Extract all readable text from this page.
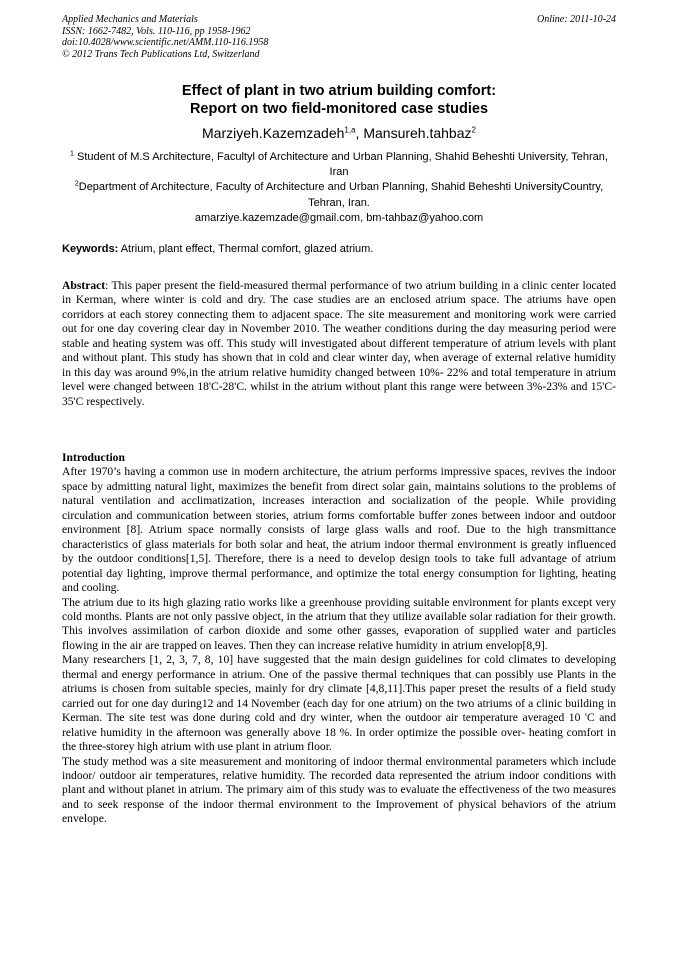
Applied Mechanics and Materials
ISSN: 1662-7482, Vols. 110-116, pp 1958-1962
doi:10.4028/www.scientific.net/AMM.110-116.1958
© 2012 Trans Tech Publications Ltd, Switzerland
Online: 2011-10-24
Effect of plant in two atrium building comfort:
Report on two field-monitored case studies
Marziyeh.Kazemzadeh$^{1,a}$, Mansureh.tahbaz$^2$
$^1$ Student of M.S Architecture, Facultyl of Architecture and Urban Planning, Shahid Beheshti University, Tehran, Iran
$^2$Department of Architecture, Faculty of Architecture and Urban Planning, Shahid Beheshti UniversityCountry, Tehran, Iran.
amarziye.kazemzade@gmail.com, bm-tahbaz@yahoo.com
Keywords: Atrium, plant effect, Thermal comfort, glazed atrium.

Abstract: This paper present the field-measured thermal performance of two atrium building in a clinic center located in Kerman, where winter is cold and dry. The case studies are an enclosed atrium space. The atriums have open corridors at each storey connecting them to adjacent space. The site measurement and monitoring work were carried out for one day covering clear day in November 2010. The weather conditions during the day measuring period were stable and heating system was off. This study will investigated about different temperature of atrium levels with plant and without plant. This study has shown that in cold and clear winter day, when average of external relative humidity in this day was around 9%,in the atrium relative humidity changed between 10%- 22% and total temperature in atrium level were changed between 18'C-28'C. whilst in the atrium without plant this range were between 3%-23% and 15'C-35'C respectively.

Introduction

After 1970’s having a common use in modern architecture, the atrium performs impressive spaces, revives the indoor space by admitting natural light, maximizes the benefit from direct solar gain, maintains solutions to the problems of natural ventilation and acclimatization, increases interaction and socialization of the people. While providing circulation and communication between stories, atrium forms comfortable buffer zones between indoor and outdoor environment [8]. Atrium space normally consists of large glass walls and roof. Due to the high transmittance characteristics of glass materials for both solar and heat, the atrium indoor thermal environment is greatly influenced by the outdoor conditions[1,5]. Therefore, there is a need to develop design tools to take full advantage of atrium potential day lighting, improve thermal performance, and optimize the total energy consumption for lighting, heating and cooling.

The atrium due to its high glazing ratio works like a greenhouse providing suitable environment for plants except very cold months. Plants are not only passive object, in the atrium that they utilize available solar radiation for their growth. This involves assimilation of carbon dioxide and some other gasses, evaporation of supplied water and particles flowing in the air are trapped on leaves. Then they can increase relative humidity in atrium envelop[8,9].

Many researchers [1, 2, 3, 7, 8, 10] have suggested that the main design guidelines for cold climates to developing thermal and energy performance in atrium. One of the passive thermal techniques that can possibly use Plants in the atriums is chosen from suitable species, mainly for dry climate [4,8,11].This paper preset the results of a field study carried out for one day during12 and 14 November (each day for one atrium) on the two atriums of a clinic building in Kerman. The site test was done during cold and dry winter, when the outdoor air temperature averaged 10 'C and relative humidity in the afternoon was generally above 18 %. In order optimize the possible over- heating comfort in the three-storey high atrium with use plant in atrium floor.

The study method was a site measurement and monitoring of indoor thermal environmental parameters which include indoor/ outdoor air temperatures, relative humidity. The recorded data represented the atrium indoor conditions with plant and without planet in atrium. The primary aim of this study was to evaluate the effectiveness of the two measures and to seek response of the indoor thermal environment to the Improvement of physical behaviors of the atrium envelope.
